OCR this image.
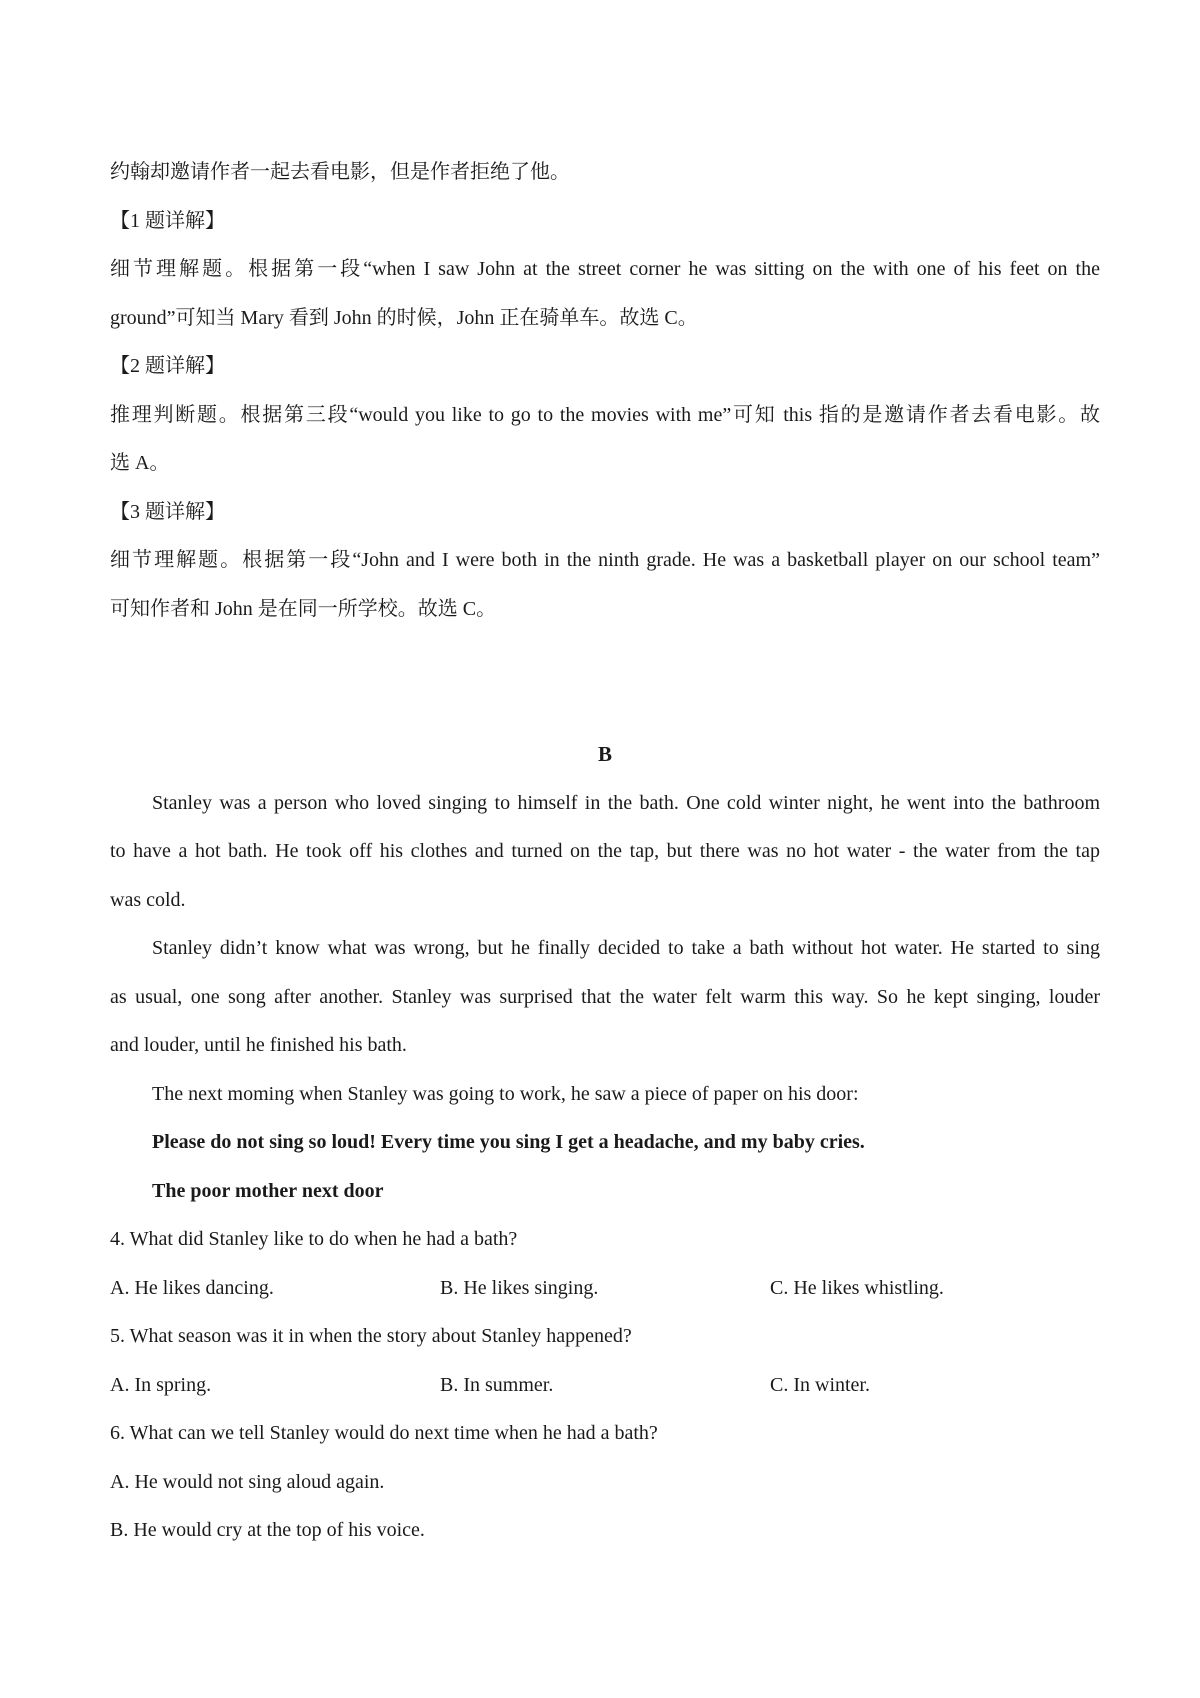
约翰却邀请作者一起去看电影，但是作者拒绝了他。
【1 题详解】
细节理解题。根据第一段“when I saw John at the street corner he was sitting on the with one of his feet on the
ground”可知当 Mary 看到 John 的时候，John 正在骑单车。故选 C。
【2 题详解】
推理判断题。根据第三段“would you like to go to the movies with me”可知 this 指的是邀请作者去看电影。故
选 A。
【3 题详解】
细节理解题。根据第一段“John and I were both in the ninth grade. He was a basketball player on our school team”
可知作者和 John 是在同一所学校。故选 C。
B
Stanley was a person who loved singing to himself in the bath. One cold winter night, he went into the bathroom
to have a hot bath. He took off his clothes and turned on the tap, but there was no hot water - the water from the tap
was cold.
Stanley didn’t know what was wrong, but he finally decided to take a bath without hot water. He started to sing
as usual, one song after another. Stanley was surprised that the water felt warm this way. So he kept singing, louder
and louder, until he finished his bath.
The next moming when Stanley was going to work, he saw a piece of paper on his door:
Please do not sing so loud! Every time you sing I get a headache, and my baby cries.
The poor mother next door
4. What did Stanley like to do when he had a bath?
A. He likes dancing.	B. He likes singing.	C. He likes whistling.
5. What season was it in when the story about Stanley happened?
A. In spring.	B. In summer.	C. In winter.
6. What can we tell Stanley would do next time when he had a bath?
A. He would not sing aloud again.
B. He would cry at the top of his voice.
